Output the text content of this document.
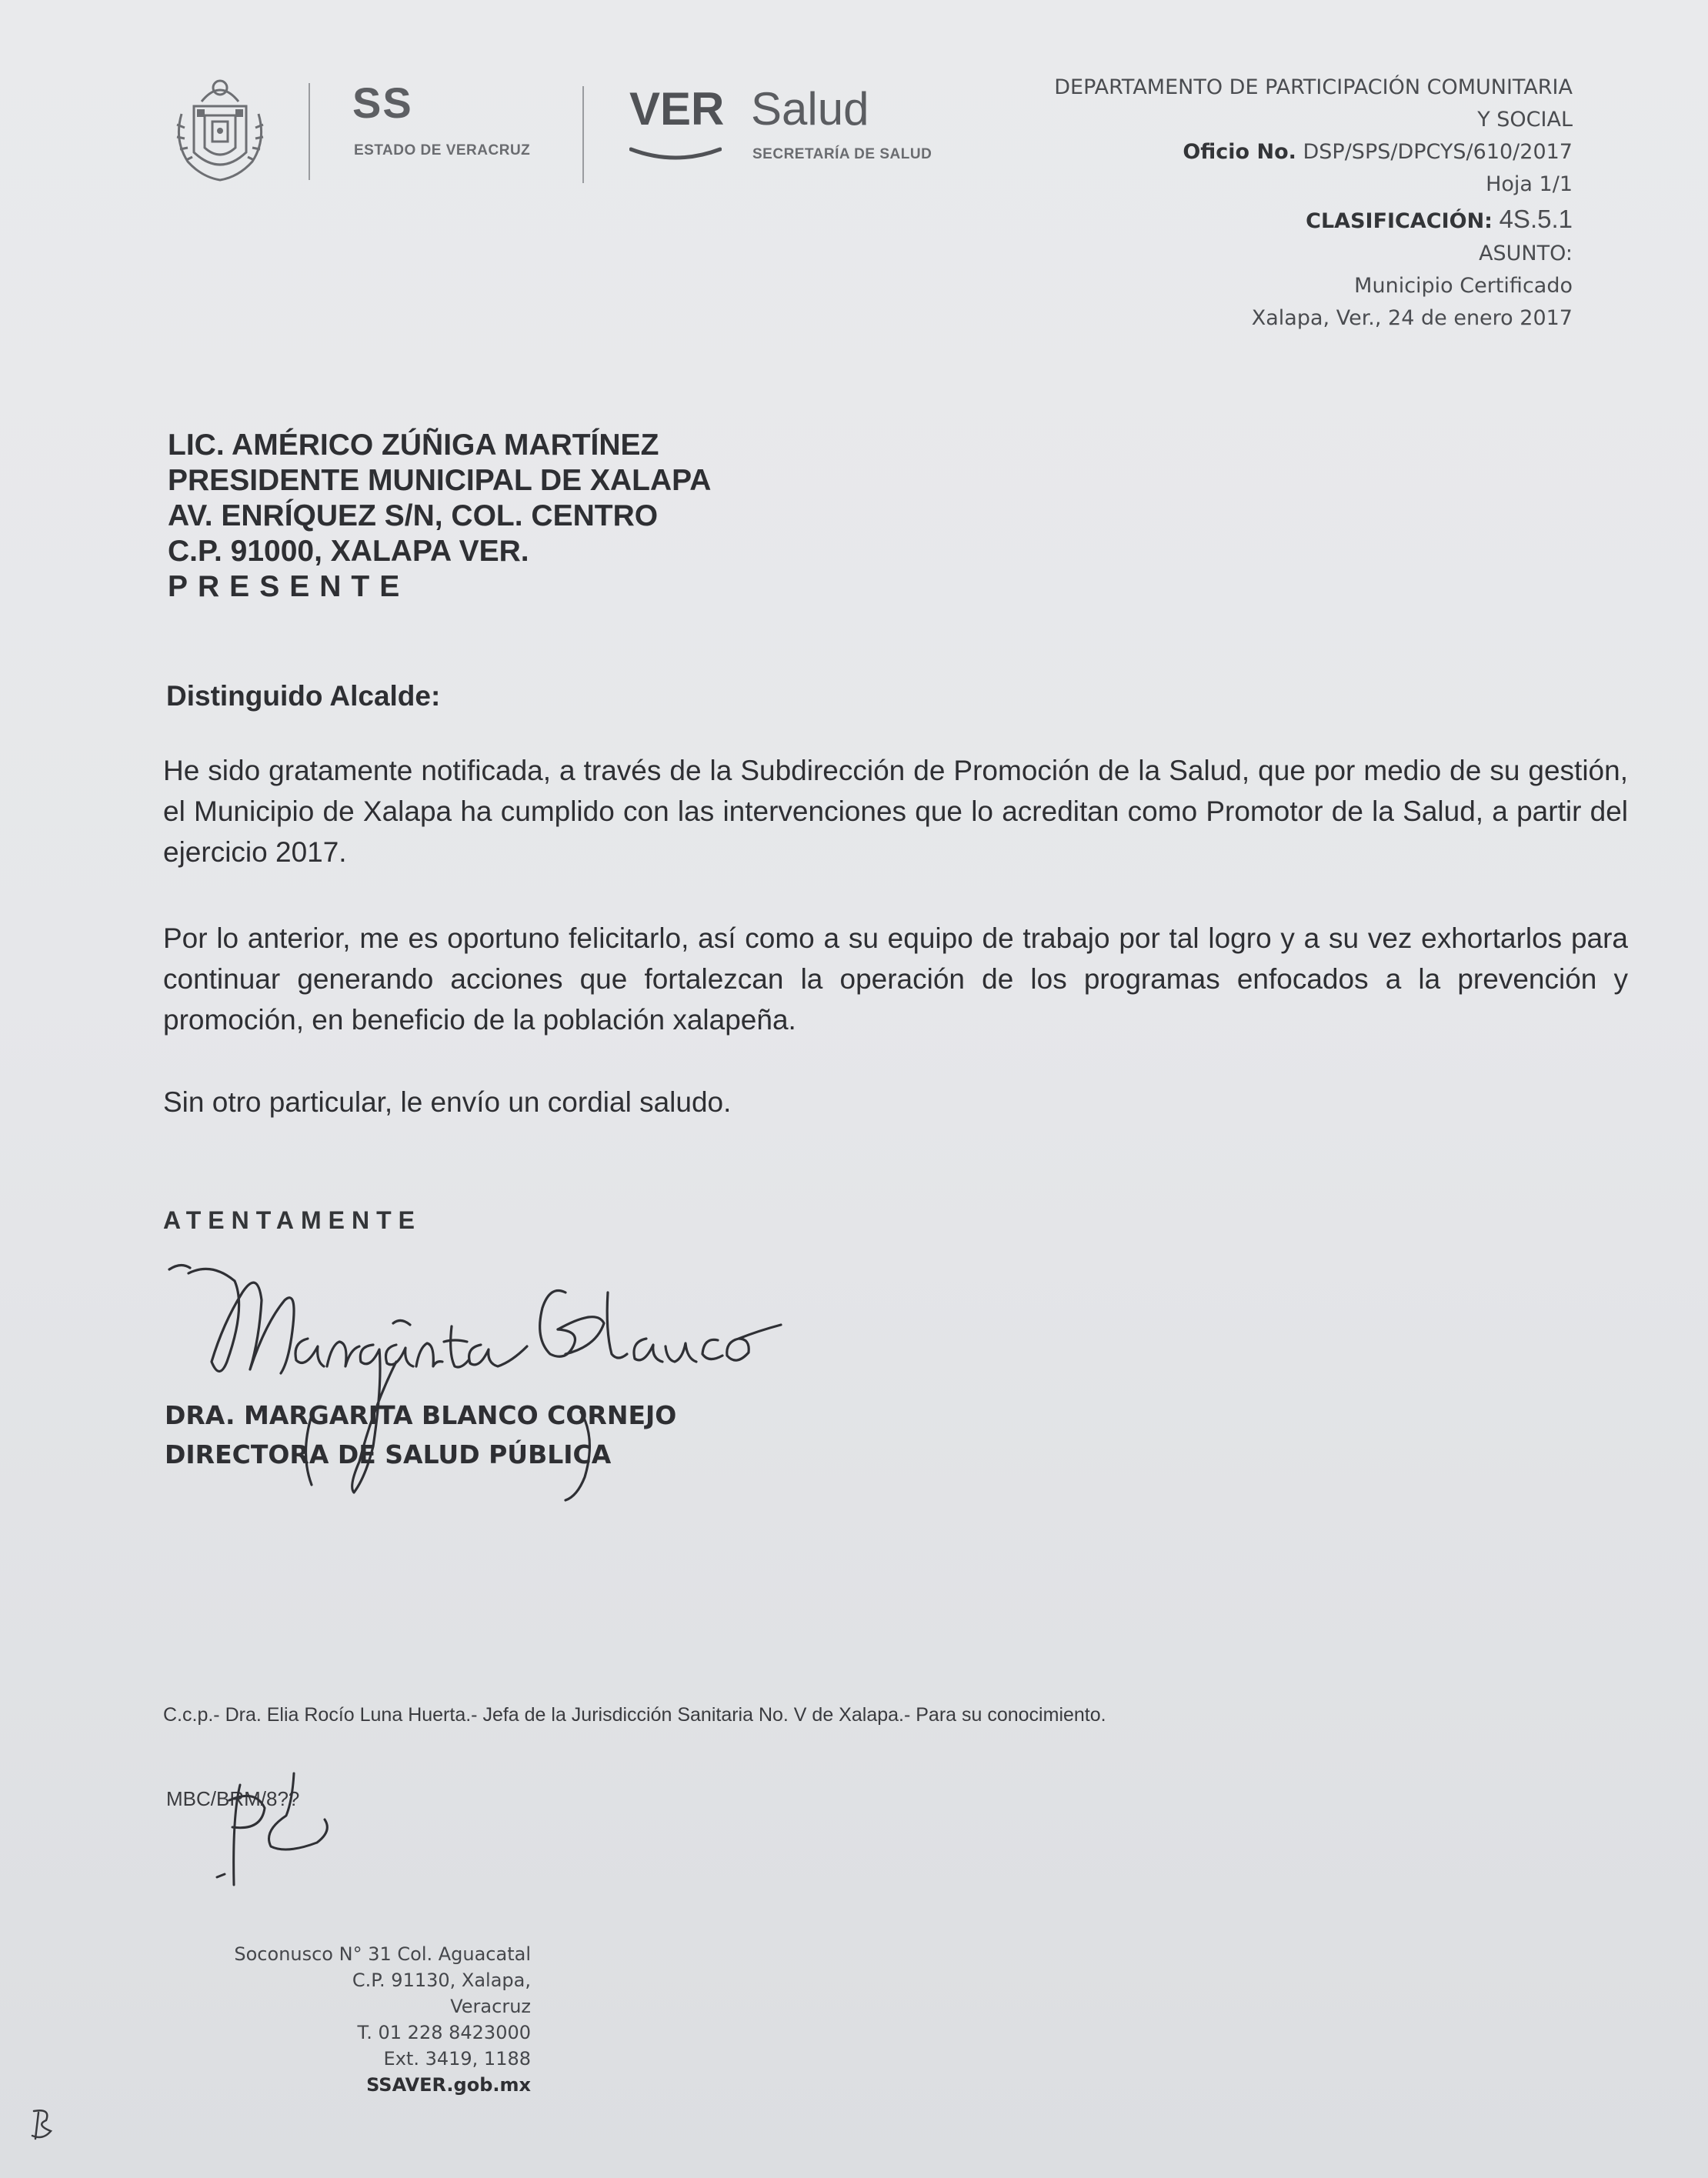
SS
ESTADO DE VERACRUZ
VER Salud
SECRETARÍA DE SALUD
DEPARTAMENTO DE PARTICIPACIÓN COMUNITARIA
Y SOCIAL
Oficio No. DSP/SPS/DPCYS/610/2017
Hoja 1/1
CLASIFICACIÓN: 4S.5.1
ASUNTO:
Municipio Certificado
Xalapa, Ver., 24 de enero 2017
LIC. AMÉRICO ZÚÑIGA MARTÍNEZ
PRESIDENTE MUNICIPAL DE XALAPA
AV. ENRÍQUEZ S/N, COL. CENTRO
C.P. 91000, XALAPA VER.
PRESENTE
Distinguido Alcalde:
He sido gratamente notificada, a través de la Subdirección de Promoción de la Salud, que por medio de su gestión, el Municipio de Xalapa ha cumplido con las intervenciones que lo acreditan como Promotor de la Salud, a partir del ejercicio 2017.
Por lo anterior, me es oportuno felicitarlo, así como a su equipo de trabajo por tal logro y a su vez exhortarlos para continuar generando acciones que fortalezcan la operación de los programas enfocados a la prevención y promoción, en beneficio de la población xalapeña.
Sin otro particular, le envío un cordial saludo.
ATENTAMENTE
DRA. MARGARITA BLANCO CORNEJO
DIRECTORA DE SALUD PÚBLICA
C.c.p.- Dra. Elia Rocío Luna Huerta.- Jefa de la Jurisdicción Sanitaria No. V de Xalapa.- Para su conocimiento.
MBC/BRM/8??
Soconusco N° 31 Col. Aguacatal
C.P. 91130, Xalapa,
Veracruz
T. 01 228 8423000
Ext. 3419, 1188
SSAVER.gob.mx
